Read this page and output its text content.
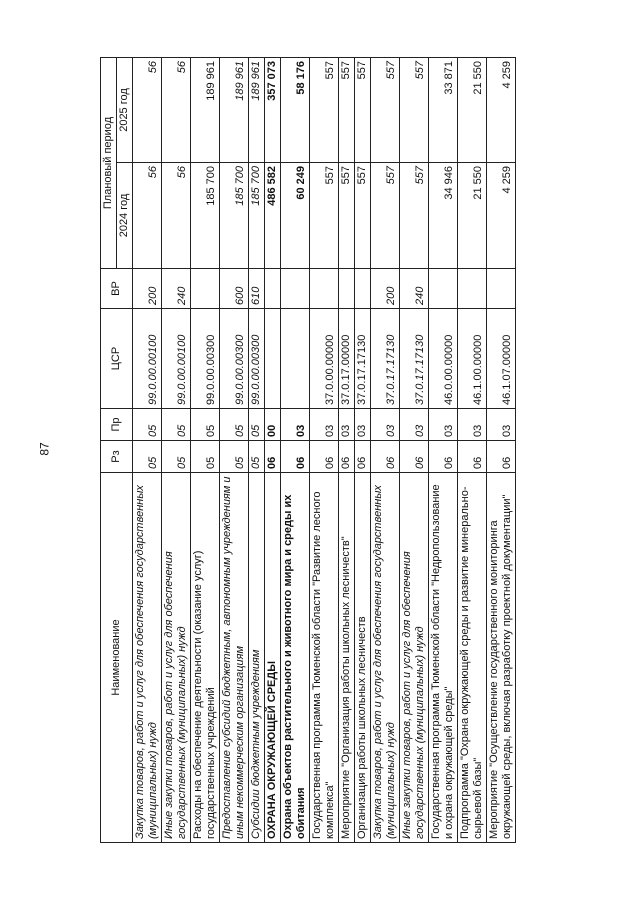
87
Наименование	Рз	Пр	ЦСР	ВР	Плановый период	
					2024 год	2025 год
Закупка товаров, работ и услуг для обеспечения государственных (муниципальных) нужд	05	05	99.0.00.00100	200	56	56
Иные закупки товаров, работ и услуг для обеспечения государственных (муниципальных) нужд	05	05	99.0.00.00100	240	56	56
Расходы на обеспечение деятельности (оказание услуг) государственных учреждений	05	05	99.0.00.00300		185 700	189 961
Предоставление субсидий бюджетным, автономным учреждениям и иным некоммерческим организациям	05	05	99.0.00.00300	600	185 700	189 961
Субсидии бюджетным учреждениям	05	05	99.0.00.00300	610	185 700	189 961
ОХРАНА ОКРУЖАЮЩЕЙ СРЕДЫ	06	00			486 582	357 073
Охрана объектов растительного и животного мира и среды их обитания	06	03			60 249	58 176
Государственная программа Тюменской области "Развитие лесного комплекса"	06	03	37.0.00.00000		557	557
Мероприятие "Организация работы школьных лесничеств"	06	03	37.0.17.00000		557	557
Организация работы школьных лесничеств	06	03	37.0.17.17130		557	557
Закупка товаров, работ и услуг для обеспечения государственных (муниципальных) нужд	06	03	37.0.17.17130	200	557	557
Иные закупки товаров, работ и услуг для обеспечения государственных (муниципальных) нужд	06	03	37.0.17.17130	240	557	557
Государственная программа Тюменской области "Недропользование и охрана окружающей среды"	06	03	46.0.00.00000		34 946	33 871
Подпрограмма "Охрана окружающей среды и развитие минерально-сырьевой базы"	06	03	46.1.00.00000		21 550	21 550
Мероприятие "Осуществление государственного мониторинга окружающей среды, включая разработку проектной документации"	06	03	46.1.07.00000		4 259	4 259
